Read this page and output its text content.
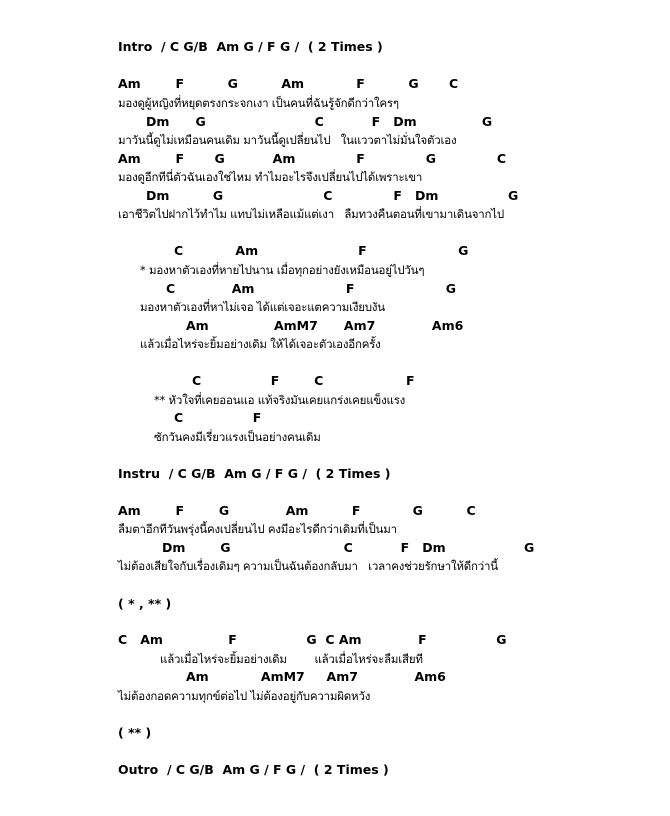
Intro  / C G/B  Am G / F G /  ( 2 Times )
Am        F          G          Am            F          G       C
มองดูผู้หญิงที่หยุดตรงกระจกเงา เป็นคนที่ฉันรู้จักดีกว่าใครๆ
Dm      G                         C           F   Dm               G
มาวันนี้ดูไม่เหมือนคนเดิม มาวันนี้ดูเปลี่ยนไป   ในแววตาไม่มั่นใจตัวเอง
Am        F       G           Am              F              G              C
มองดูอีกทีนี่ตัวฉันเองใช่ไหม ทำไมอะไรจึงเปลี่ยนไปได้เพราะเขา
Dm          G                       C              F   Dm                G
เอาชีวิตไปฝากไว้ทำไม แทบไม่เหลือแม้แต่เงา   ลืมทวงคืนตอนที่เขามาเดินจากไป
C            Am                       F                     G
* มองหาตัวเองที่หายไปนาน เมื่อทุกอย่างยังเหมือนอยู่ไปวันๆ
C             Am                     F                     G
มองหาตัวเองที่หาไม่เจอ ได้แต่เจอะแตความเงียบงัน
Am               AmM7      Am7             Am6
แล้วเมื่อไหร่จะยิ้มอย่างเดิม ให้ได้เจอะตัวเองอีกครั้ง
C                F        C                   F
** หัวใจที่เคยออนแอ แท้จริงมันเคยแกร่งเคยแข็งแรง
C                F
ซักวันคงมีเรี่ยวแรงเป็นอย่างคนเดิม
Instru  / C G/B  Am G / F G /  ( 2 Times )
Am        F        G             Am          F            G          C
ลืมตาอีกทีวันพรุ่งนี้คงเปลี่ยนไป คงมีอะไรดีกว่าเดิมที่เป็นมา
Dm        G                          C           F   Dm                  G
ไม่ต้องเสียใจกับเรื่องเดิมๆ ความเป็นฉันต้องกลับมา   เวลาคงช่วยรักษาให้ดีกว่านี้
( * , ** )
C   Am               F                G  C Am             F                G
แล้วเมื่อไหร่จะยิ้มอย่างเดิม        แล้วเมื่อไหร่จะลืมเสียที
Am            AmM7     Am7             Am6
ไม่ต้องกอดความทุกข์ต่อไป ไม่ต้องอยู่กับความผิดหวัง
( ** )
Outro  / C G/B  Am G / F G /  ( 2 Times )
